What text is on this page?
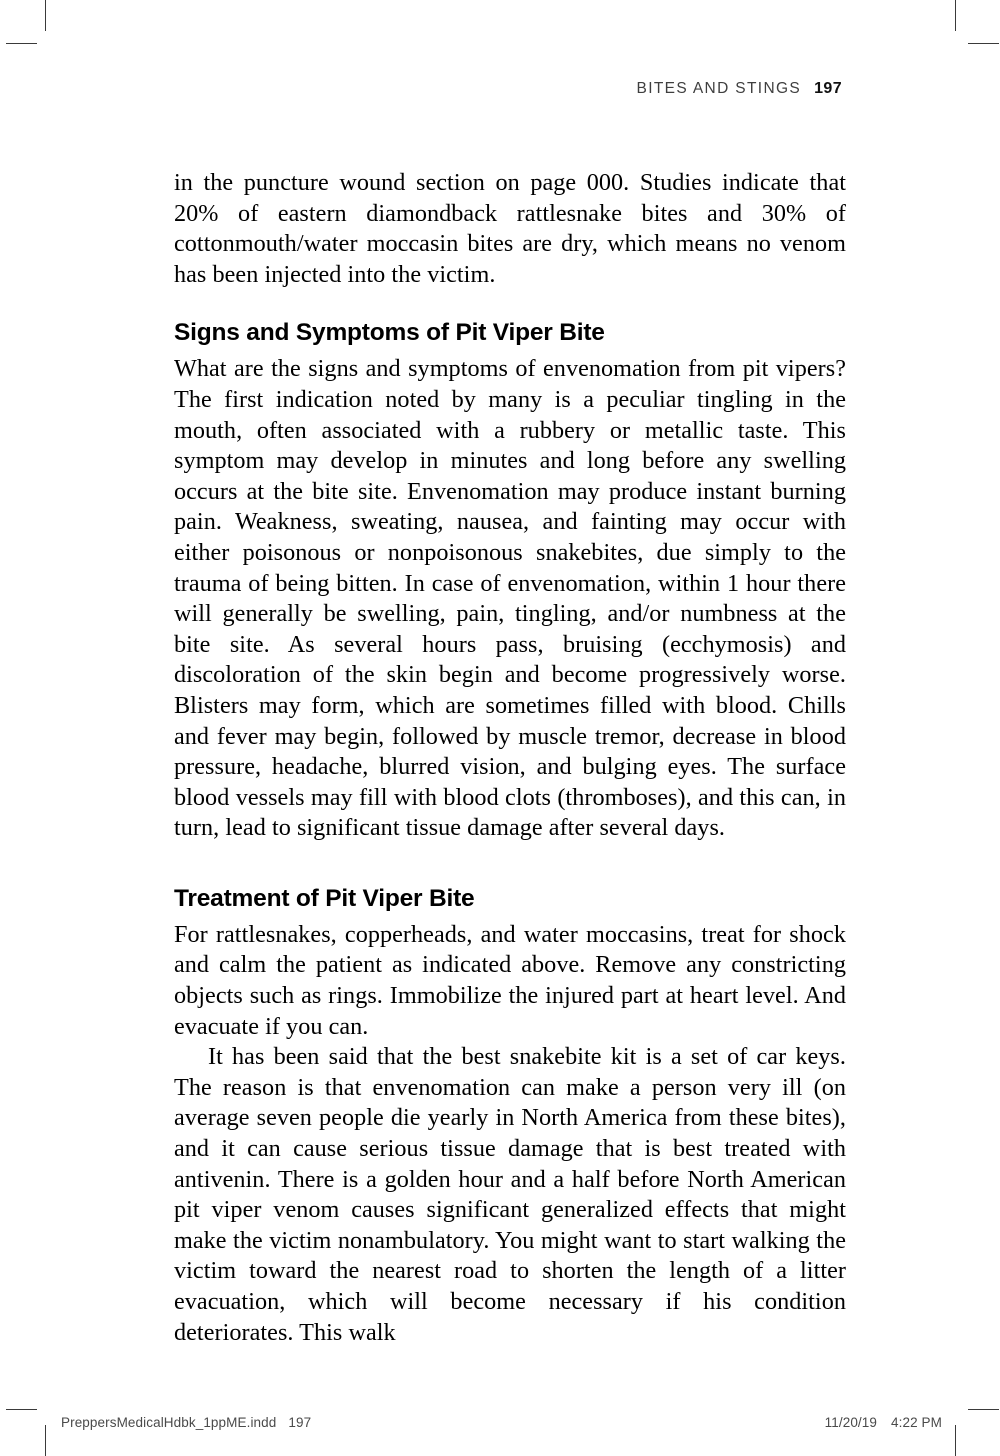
BITES AND STINGS 197

in the puncture wound section on page 000. Studies indicate that 20% of eastern diamondback rattlesnake bites and 30% of cottonmouth/water moccasin bites are dry, which means no venom has been injected into the victim.

Signs and Symptoms of Pit Viper Bite

What are the signs and symptoms of envenomation from pit vipers? The first indication noted by many is a peculiar tingling in the mouth, often associated with a rubbery or metallic taste. This symptom may develop in minutes and long before any swelling occurs at the bite site. Envenomation may produce instant burning pain. Weakness, sweating, nausea, and fainting may occur with either poisonous or nonpoisonous snakebites, due simply to the trauma of being bitten. In case of envenomation, within 1 hour there will generally be swelling, pain, tingling, and/or numbness at the bite site. As several hours pass, bruising (ecchymosis) and discoloration of the skin begin and become progressively worse. Blisters may form, which are sometimes filled with blood. Chills and fever may begin, followed by muscle tremor, decrease in blood pressure, headache, blurred vision, and bulging eyes. The surface blood vessels may fill with blood clots (thromboses), and this can, in turn, lead to significant tissue damage after several days.

Treatment of Pit Viper Bite

For rattlesnakes, copperheads, and water moccasins, treat for shock and calm the patient as indicated above. Remove any constricting objects such as rings. Immobilize the injured part at heart level. And evacuate if you can.

It has been said that the best snakebite kit is a set of car keys. The reason is that envenomation can make a person very ill (on average seven people die yearly in North America from these bites), and it can cause serious tissue damage that is best treated with antivenin. There is a golden hour and a half before North American pit viper venom causes significant generalized effects that might make the victim nonambulatory. You might want to start walking the victim toward the nearest road to shorten the length of a litter evacuation, which will become necessary if his condition deteriorates. This walk

PreppersMedicalHdbk_1ppME.indd 197	11/20/19 4:22 PM
